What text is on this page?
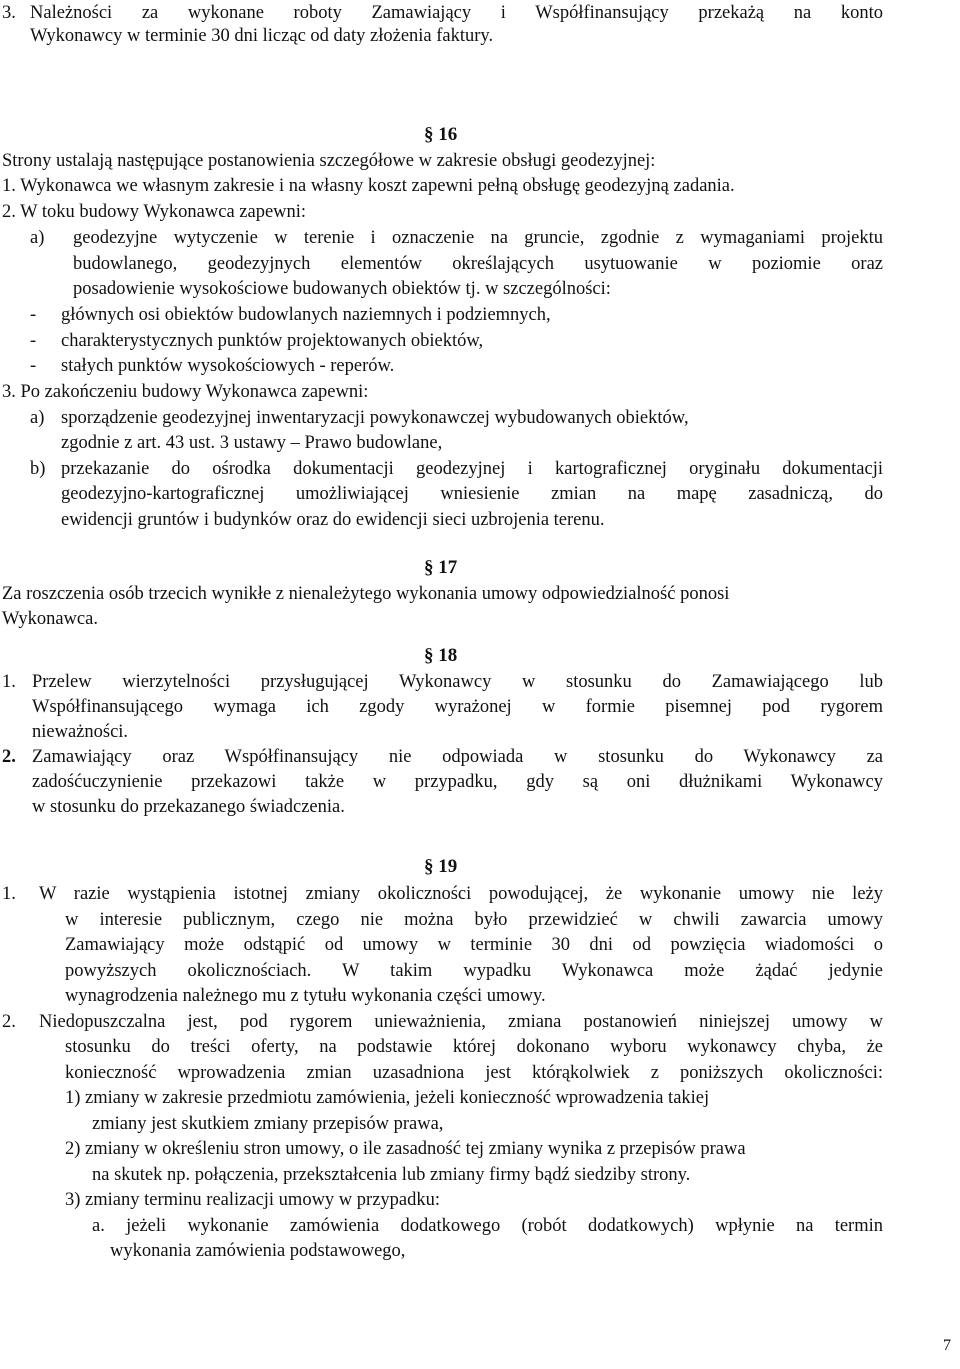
3. Należności za wykonane roboty Zamawiający i Współfinansujący przekażą na konto
Wykonawcy w terminie 30 dni licząc od daty złożenia faktury.
§ 16
Strony ustalają następujące postanowienia szczegółowe w zakresie obsługi geodezyjnej:
1. Wykonawca we własnym zakresie i na własny koszt zapewni pełną obsługę geodezyjną zadania.
2. W toku budowy Wykonawca zapewni:
a) geodezyjne wytyczenie w terenie i oznaczenie na gruncie, zgodnie z wymaganiami projektu
budowlanego, geodezyjnych elementów określających usytuowanie w poziomie oraz
posadowienie wysokościowe budowanych obiektów tj. w szczególności:
- głównych osi obiektów budowlanych naziemnych i podziemnych,
- charakterystycznych punktów projektowanych obiektów,
- stałych punktów wysokościowych - reperów.
3. Po zakończeniu budowy Wykonawca zapewni:
a) sporządzenie geodezyjnej inwentaryzacji powykonawczej wybudowanych obiektów,
zgodnie z art. 43 ust. 3 ustawy – Prawo budowlane,
b) przekazanie do ośrodka dokumentacji geodezyjnej i kartograficznej oryginału dokumentacji
geodezyjno-kartograficznej umożliwiającej wniesienie zmian na mapę zasadniczą, do
ewidencji gruntów i budynków oraz do ewidencji sieci uzbrojenia terenu.
§ 17
Za roszczenia osób trzecich wynikłe z nienależytego wykonania umowy odpowiedzialność ponosi
Wykonawca.
§ 18
1. Przelew wierzytelności przysługującej Wykonawcy w stosunku do Zamawiającego lub
Współfinansującego wymaga ich zgody wyrażonej w formie pisemnej pod rygorem
nieważności.
2. Zamawiający oraz Współfinansujący nie odpowiada w stosunku do Wykonawcy za
zadośćuczynienie przekazowi także w przypadku, gdy są oni dłużnikami Wykonawcy
w stosunku do przekazanego świadczenia.
§ 19
1. W razie wystąpienia istotnej zmiany okoliczności powodującej, że wykonanie umowy nie leży
w interesie publicznym, czego nie można było przewidzieć w chwili zawarcia umowy
Zamawiający może odstąpić od umowy w terminie 30 dni od powzięcia wiadomości o
powyższych okolicznościach. W takim wypadku Wykonawca może żądać jedynie
wynagrodzenia należnego mu z tytułu wykonania części umowy.
2. Niedopuszczalna jest, pod rygorem unieważnienia, zmiana postanowień niniejszej umowy w
stosunku do treści oferty, na podstawie której dokonano wyboru wykonawcy chyba, że
konieczność wprowadzenia zmian uzasadniona jest którąkolwiek z poniższych okoliczności:
1) zmiany w zakresie przedmiotu zamówienia, jeżeli konieczność wprowadzenia takiej
zmiany jest skutkiem zmiany przepisów prawa,
2) zmiany w określeniu stron umowy, o ile zasadność tej zmiany wynika z przepisów prawa
na skutek np. połączenia, przekształcenia lub zmiany firmy bądź siedziby strony.
3) zmiany terminu realizacji umowy w przypadku:
a. jeżeli wykonanie zamówienia dodatkowego (robót dodatkowych) wpłynie na termin
wykonania zamówienia podstawowego,
7
